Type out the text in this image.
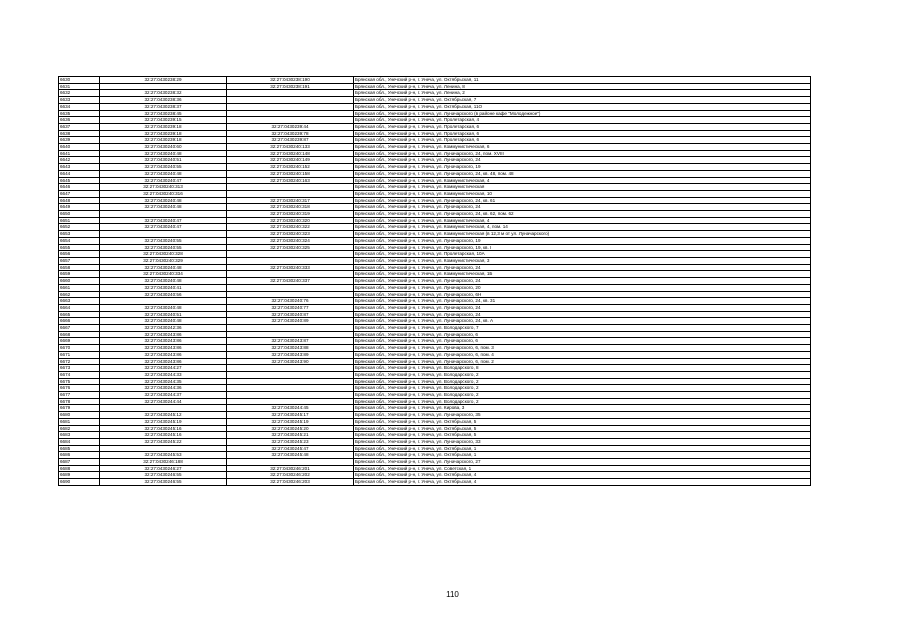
6630	32:27:0430238:29	32:27:0430238:190	Брянская обл., Унечский р-н, г. Унеча, ул. Октябрьская, 11
6631		32:27:0430238:191	Брянская обл., Унечский р-н, г. Унеча, ул. Ленина, 8
6632	32:27:0430238:32		Брянская обл., Унечский р-н, г. Унеча, ул. Ленина, 2
6633	32:27:0430238:36		Брянская обл., Унечский р-н, г. Унеча, ул. Октябрьская, 7
6634	32:27:0430238:37		Брянская обл., Унечский р-н, г. Унеча, ул. Октябрьская, 11О
6635	32:27:0430238:45		Брянская обл., Унечский р-н, г. Унеча, ул. Луначарского (в районе кафе "Молодежное")
6636	32:27:0430239:15		Брянская обл., Унечский р-н, г. Унеча, ул. Пролетарская, 4
6637	32:27:0430239:18	32:27:0430239:44	Брянская обл., Унечский р-н, г. Унеча, ул. Пролетарская, 6
6638	32:27:0430239:18	32:27:0430239:78	Брянская обл., Унечский р-н, г. Унеча, ул. Пролетарская, 6
6639	32:27:0430239:18	32:27:0430239:87	Брянская обл., Унечский р-н, г. Унеча, ул. Пролетарская, 6
6640	32:27:0430240:60	32:27:0430240:133	Брянская обл., Унечский р-н, г. Унеча, ул. Коммунистическая, 6
6641	32:27:0430240:48	32:27:0430240:148	Брянская обл., Унечский р-н, г. Унеча, ул. Луначарского, 24, пом. XVIII
6642	32:27:0430240:51	32:27:0430240:149	Брянская обл., Унечский р-н, г. Унеча, ул. Луначарского, 24
6643	32:27:0430240:55	32:27:0430240:152	Брянская обл., Унечский р-н, г. Унеча, ул. Луначарского, 19
6644	32:27:0430240:48	32:27:0430240:158	Брянская обл., Унечский р-н, г. Унеча, ул. Луначарского, 24, кв. 48, пом. 48
6645	32:27:0430240:47	32:27:0430240:163	Брянская обл., Унечский р-н, г. Унеча, ул. Коммунистическая, 4
6646	32:27:0430240:313		Брянская обл., Унечский р-н, г. Унеча, ул. Коммунистическая
6647	32:27:0430240:316		Брянская обл., Унечский р-н, г. Унеча, ул. Коммунистическая, 10
6648	32:27:0430240:48	32:27:0430240:317	Брянская обл., Унечский р-н, г. Унеча, ул. Луначарского, 24, кв. 61
6649	32:27:0430240:48	32:27:0430240:318	Брянская обл., Унечский р-н, г. Унеча, ул. Луначарского, 24
6650		32:27:0430240:319	Брянская обл., Унечский р-н, г. Унеча, ул. Луначарского, 24, кв. 62, пом. 62
6651	32:27:0430240:47	32:27:0430240:320	Брянская обл., Унечский р-н, г. Унеча, ул. Коммунистическая, 4
6652	32:27:0430240:47	32:27:0430240:322	Брянская обл., Унечский р-н, г. Унеча, ул. Коммунистическая, 4, пом. 14
6653		32:27:0430240:323	Брянская обл., Унечский р-н, г. Унеча, ул. Коммунистическая (в 12,3 м от ул. Луначарского)
6654	32:27:0430240:55	32:27:0430240:324	Брянская обл., Унечский р-н, г. Унеча, ул. Луначарского, 19
6655	32:27:0430240:55	32:27:0430240:325	Брянская обл., Унечский р-н, г. Унеча, ул. Луначарского, 19, кв. I
6656	32:27:0430240:328		Брянская обл., Унечский р-н, г. Унеча, ул. Пролетарская, 10А
6657	32:27:0430240:329		Брянская обл., Унечский р-н, г. Унеча, ул. Коммунистическая, 3
6658	32:27:0430240:48	32:27:0430240:333	Брянская обл., Унечский р-н, г. Унеча, ул. Луначарского, 24
6659	32:27:0430240:334		Брянская обл., Унечский р-н, г. Унеча, ул. Коммунистическая, 1Б
6660	32:27:0430240:48	32:27:0430240:337	Брянская обл., Унечский р-н, г. Унеча, ул. Луначарского, 24
6661	32:27:0430240:41		Брянская обл., Унечский р-н, г. Унеча, ул. Луначарского, 20
6662	32:27:0430240:56		Брянская обл., Унечский р-н, г. Унеча, ул. Луначарского, 6Н
6663		32:27:0430240:76	Брянская обл., Унечский р-н, г. Унеча, ул. Луначарского, 24, кв. 31
6664	32:27:0430240:48	32:27:0430240:77	Брянская обл., Унечский р-н, г. Унеча, ул. Луначарского, 24
6665	32:27:0430240:51	32:27:0430240:87	Брянская обл., Унечский р-н, г. Унеча, ул. Луначарского, 24
6666	32:27:0430240:48	32:27:0430240:89	Брянская обл., Унечский р-н, г. Унеча, ул. Луначарского, 24, кв. А
6667	32:27:0430242:36		Брянская обл., Унечский р-н, г. Унеча, ул. Володарского, 7
6668	32:27:0430243:86		Брянская обл., Унечский р-н, г. Унеча, ул. Луначарского, 6
6669	32:27:0430243:86	32:27:0430243:87	Брянская обл., Унечский р-н, г. Унеча, ул. Луначарского, 6
6670	32:27:0430243:86	32:27:0430243:88	Брянская обл., Унечский р-н, г. Унеча, ул. Луначарского, 6, пом. 3
6671	32:27:0430243:86	32:27:0430243:89	Брянская обл., Унечский р-н, г. Унеча, ул. Луначарского, 6, пом. 4
6672	32:27:0430243:86	32:27:0430243:90	Брянская обл., Унечский р-н, г. Унеча, ул. Луначарского, 6, пом. 2
6673	32:27:0430244:27		Брянская обл., Унечский р-н, г. Унеча, ул. Володарского, 8
6674	32:27:0430244:33		Брянская обл., Унечский р-н, г. Унеча, ул. Володарского, 2
6675	32:27:0430244:35		Брянская обл., Унечский р-н, г. Унеча, ул. Володарского, 2
6676	32:27:0430244:36		Брянская обл., Унечский р-н, г. Унеча, ул. Володарского, 2
6677	32:27:0430244:37		Брянская обл., Унечский р-н, г. Унеча, ул. Володарского, 2
6678	32:27:0430244:44		Брянская обл., Унечский р-н, г. Унеча, ул. Володарского, 2
6679		32:27:0430244:45	Брянская обл., Унечский р-н, г. Унеча, ул. Кирова, 3
6680	32:27:0430245:12	32:27:0430245:17	Брянская обл., Унечский р-н, г. Унеча, ул. Луначарского, 35
6681	32:27:0430245:19	32:27:0430245:19	Брянская обл., Унечский р-н, г. Унеча, ул. Октябрьская, 5
6682	32:27:0430245:16	32:27:0430245:20	Брянская обл., Унечский р-н, г. Унеча, ул. Октябрьская, 5
6683	32:27:0430245:16	32:27:0430245:21	Брянская обл., Унечский р-н, г. Унеча, ул. Октябрьская, 5
6684	32:27:0430245:22	32:27:0430245:23	Брянская обл., Унечский р-н, г. Унеча, ул. Луначарского, 33
6685		32:27:0430245:47	Брянская обл., Унечский р-н, г. Унеча, ул. Октябрьская, 1
6686	32:27:0430245:53	32:27:0430245:48	Брянская обл., Унечский р-н, г. Унеча, ул. Октябрьская, 1
6687	32:27:0430246:188		Брянская обл., Унечский р-н, г. Унеча, ул. Луначарского, 27
6688	32:27:0430246:27	32:27:0430246:201	Брянская обл., Унечский р-н, г. Унеча, ул. Советская, 1
6689	32:27:0430246:55	32:27:0430246:202	Брянская обл., Унечский р-н, г. Унеча, ул. Октябрьская, 4
6690	32:27:0430246:55	32:27:0430246:203	Брянская обл., Унечский р-н, г. Унеча, ул. Октябрьская, 4
110
